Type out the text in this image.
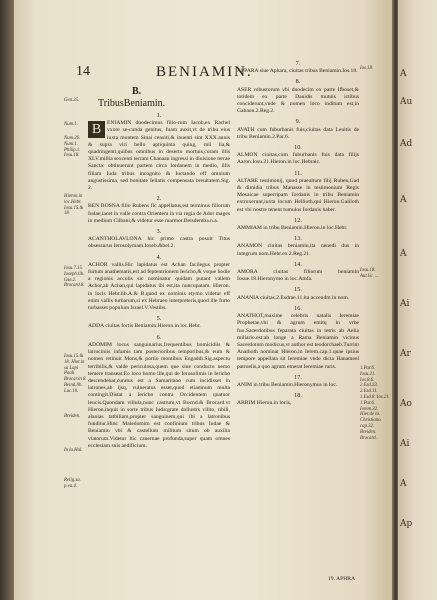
14	BENIAMIN.
B.
A
Au
Ad
A
A
Ai
Ar
Ao
Ai
A
Ap
TribusBeniamin.
1.
B	ENIAMIN duodecimus filio-rum Iacob,ex Rachel vxore se-cunda genitus, fuam auxit,vt de tribu eius iuxta montem Sinai censiti,& inuenti sint XXX.annis & supra viri bello aptiquinta quing, mil lia,& quadringenti,quibus omnibus in deserto mortuis,coram illis XLV.millia sexcenti terram Chanaan ingressi in diuisione terrae Sancta: obtinuerunt partem circa Iordanem in medio, illis filiam Iuda tribus incognito & Iuctando eff omnium angustissima, sed bonitate Iellatis compensata breuitatem.Sig. 2.
2.
BEN BOSNA filio Rubens fic appellatus,est terminus filiorum Iudae,iacet in valle contra Orientem in via regia de Ador mages in medium Cilbani,& videtur esse marmor.Beisdemba.n.a.
3.
ACANTHOLAVLONA hic primo castra posuit Titus obsessurus Ierosolymam.Ioseb.&bel.2.
4.
ACHOR vallis.Hic lapidatus est Achan facilegus propter furtum anathematis,est ad feptentrionem Iericho,& vsque hodie a regionis accolis sic nominatur quidam putant vallem Achor,ab Achan,qui lapidatus ibi est,ita nuncupatam. Hieron. in locis Hebr.lib.A.& B.quod ex nominis etymo videtur eff enim vallis turbarum,si ex Hebraeo interpreteris,quod ille furto turbasset populum Israel.V.Vestibs.
5.
ADDA ciuitas fortis Beniamin.Hieron.in loc.Hebr.
6.
ADOMIM locus sanguinarius,frequentibus homicidiis & latrociniis infamis tam posterioribus temporibus,& eum & nomen retinuit Mons,& portio montibus Engaddi.Sig.aspectu terribilis,& valde periculosa,quem que sine conductu nemo temere transeat.Eo loco homo ille,qui de Ierosolimis in Iericho descendebat,curatus est a Samaritano cum incidisset in latrones,ab ijsq, vulneratus esset,quod etiamnum multa contingit.Distat a Iericho contra Occidentem quatuor leucis.Quondam villula,nunc castrum,vt Bocnd.& Brocard.vt Hieron.inquit in sorte tribus Iuda:grate dollustrs vilito, tibili, alanias tatbiliam,propter sanguinem,qui ibi a latronibus funditur.Hinc Maledomim est confinium tribus Iudae & Beniamin vbi & castellum militum situm ob auxilia viatorum.Videtur hic cauernae profunda,super quam omnes ecclesiam suis aedificium.
7.
APPARA siue Aphara, ciuitas tribus Beniamin.Ios.18.
8.
ASER robustorum vbi duodecim ex parte Ifboset,& totidem ex parte Dauidis mutuis ictibus conciderunt,vnde & nomen loco inditum est,in Gabaon.2.Reg.2.
9.
AVATH cum fuburbanis fuis,ciuitas data Leuitis de tribu Beniamin.2.Par.6.
10.
ALMON ciuitas,cum fuburbanis fuis data filijs Aaron.Iosu.21.Hieron.in loc.Hebraic.
11.
ALTARE testimonij, quod praealtum filij Ruben,Gad & dimidia tribus Manasse in testimonium Regis Mosaicae superripam Iordanis in tribu Beniamin extruxerunt,iuxta locum Hellioth,qui Hieron.Galiloth est vbi nostre tenent tumulos Iordanis haber.
12.
AMMIAM in tribu Beniamin.Hieron.in loc.Hebr.
13.
ANAMON ciuitas beniamin,ita nenedi dus in integrum nom.Hebr.ex 2.Reg.21.
14.
AMORA ciuitas filiorum beniamin Iosue.18.Hieronymo in loc.Amfa.
15.
ANANIA ciuitas.2.Esdrae.11.ita accendm in nom.
16.
ANATHOT,maxime celebris natalis Ieremiae Prophetae,vbi & agrum emitq in vrbe fuo.Sacerdotibus feparata ciuitas in tetris ab Aelia miliario.est:ab longe a Rama Beniamin vicinus Sacerdotum modicus,vt author est teodorchaeb.Turrim Anathoth nominat Hieron.in Ierem.cap.1.quae ipsius tempore appellata sit Ieremiae vnde dicta Hanameel patruelis,a quo agrum emerat Ieremiae ruris.
17.
ANIM in tribu Beniamin.Hieronymus in loc.
18.
ARBIM Hieron.in locis,
Gen.35.
Num.1.
Num.26. Num.1. Philip.1. Iosu.18.
Hieron.in loc.Hebr. Iosu.15.& 18.
Iosu.7.15. Ioseph.lib. Ose.2. Brocard.8.
Iosu.15.& 18. Hier.in sa Lapi Pauli. Brocar.in 8. Beind.lib. Luc.10.
Breiden.
In la.Hal.
Relig.sa. p.ea.4.
Ios.18.
Iosu.18. Aut.lic. ...
1.Par.6. Iosu.21. Ios.8.6. 2.Esd.33. 2.Esd.11. 1.Esd.8. Ios.21. 1.Par.6. Ierem.32. Hier.de lo. Christiano. cap.32. Breiden. Brocard.
19. APHRA
